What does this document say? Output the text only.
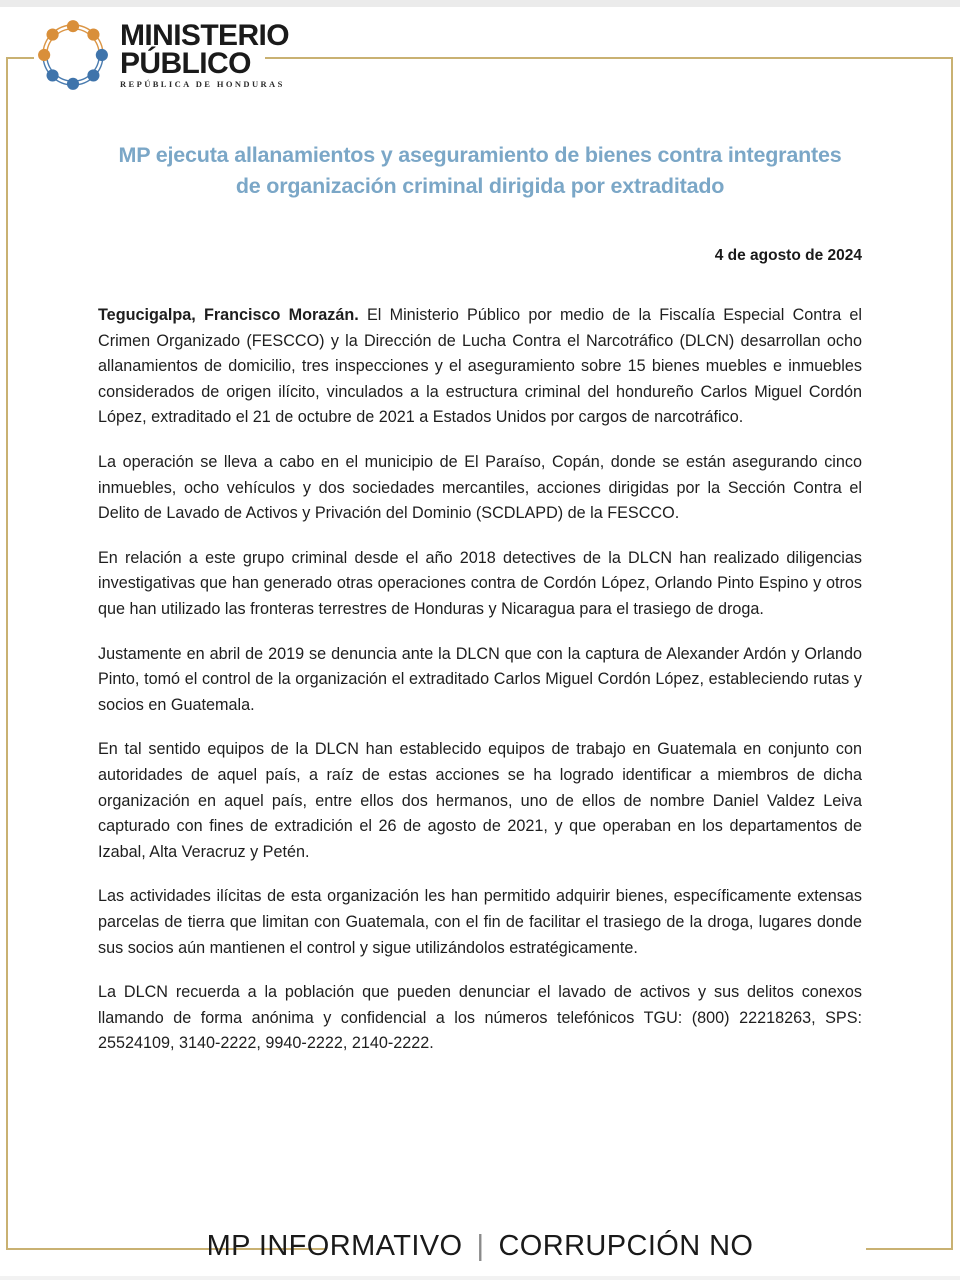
MINISTERIO
PÚBLICO
REPÚBLICA DE HONDURAS
MP ejecuta allanamientos y aseguramiento de bienes contra integrantes de organización criminal dirigida por extraditado
4 de agosto de 2024

Tegucigalpa, Francisco Morazán. El Ministerio Público por medio de la Fiscalía Especial Contra el Crimen Organizado (FESCCO) y la Dirección de Lucha Contra el Narcotráfico (DLCN) desarrollan ocho allanamientos de domicilio, tres inspecciones y el aseguramiento sobre 15 bienes muebles e inmuebles considerados de origen ilícito, vinculados a la estructura criminal del hondureño Carlos Miguel Cordón López, extraditado el 21 de octubre de 2021 a Estados Unidos por cargos de narcotráfico.

La operación se lleva a cabo en el municipio de El Paraíso, Copán, donde se están asegurando cinco inmuebles, ocho vehículos y dos sociedades mercantiles, acciones dirigidas por la Sección Contra el Delito de Lavado de Activos y Privación del Dominio (SCDLAPD) de la FESCCO.

En relación a este grupo criminal desde el año 2018 detectives de la DLCN han realizado diligencias investigativas que han generado otras operaciones contra de Cordón López, Orlando Pinto Espino y otros que han utilizado las fronteras terrestres de Honduras y Nicaragua para el trasiego de droga.

Justamente en abril de 2019 se denuncia ante la DLCN que con la captura de Alexander Ardón y Orlando Pinto, tomó el control de la organización el extraditado Carlos Miguel Cordón López, estableciendo rutas y socios en Guatemala.

En tal sentido equipos de la DLCN han establecido equipos de trabajo en Guatemala en conjunto con autoridades de aquel país, a raíz de estas acciones se ha logrado identificar a miembros de dicha organización en aquel país, entre ellos dos hermanos, uno de ellos de nombre Daniel Valdez Leiva capturado con fines de extradición el 26 de agosto de 2021, y que operaban en los departamentos de Izabal, Alta Veracruz y Petén.

Las actividades ilícitas de esta organización les han permitido adquirir bienes, específicamente extensas parcelas de tierra que limitan con Guatemala, con el fin de facilitar el trasiego de la droga, lugares donde sus socios aún mantienen el control y sigue utilizándolos estratégicamente.

La DLCN recuerda a la población que pueden denunciar el lavado de activos y sus delitos conexos llamando de forma anónima y confidencial a los números telefónicos TGU: (800) 22218263, SPS: 25524109, 3140-2222, 9940-2222, 2140-2222.

MP INFORMATIVO | CORRUPCIÓN NO
